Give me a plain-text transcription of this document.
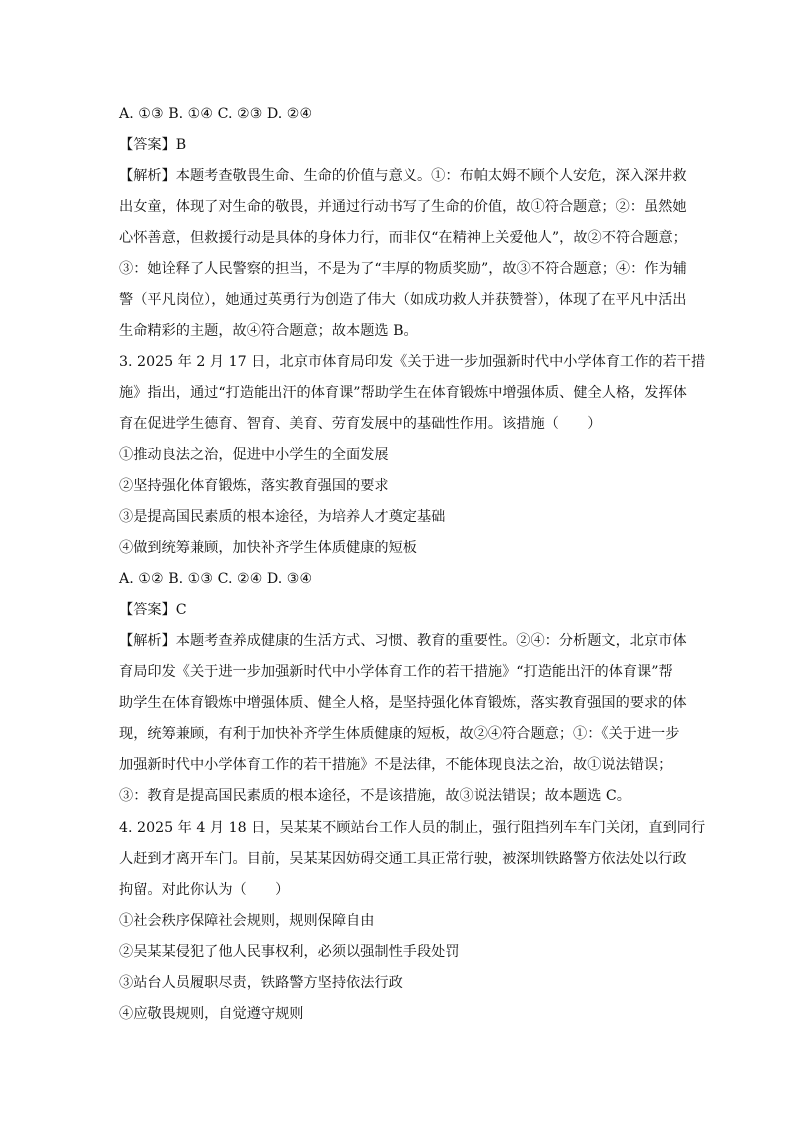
A. ①③ B. ①④ C. ②③ D. ②④
【答案】B
【解析】本题考查敬畏生命、生命的价值与意义。①：布帕太姆不顾个人安危，深入深井救
出女童，体现了对生命的敬畏，并通过行动书写了生命的价值，故①符合题意；②：虽然她
心怀善意，但救援行动是具体的身体力行，而非仅“在精神上关爱他人”，故②不符合题意；
③：她诠释了人民警察的担当，不是为了“丰厚的物质奖励”，故③不符合题意；④：作为辅
警（平凡岗位），她通过英勇行为创造了伟大（如成功救人并获赞誉），体现了在平凡中活出
生命精彩的主题，故④符合题意；故本题选 B。
3. 2025 年 2 月 17 日，北京市体育局印发《关于进一步加强新时代中小学体育工作的若干措
施》指出，通过“打造能出汗的体育课”帮助学生在体育锻炼中增强体质、健全人格，发挥体
育在促进学生德育、智育、美育、劳育发展中的基础性作用。该措施（　　）
①推动良法之治，促进中小学生的全面发展
②坚持强化体育锻炼，落实教育强国的要求
③是提高国民素质的根本途径，为培养人才奠定基础
④做到统筹兼顾，加快补齐学生体质健康的短板
A. ①② B. ①③ C. ②④ D. ③④
【答案】C
【解析】本题考查养成健康的生活方式、习惯、教育的重要性。②④：分析题文，北京市体
育局印发《关于进一步加强新时代中小学体育工作的若干措施》“打造能出汗的体育课”帮
助学生在体育锻炼中增强体质、健全人格，是坚持强化体育锻炼，落实教育强国的要求的体
现，统筹兼顾，有利于加快补齐学生体质健康的短板，故②④符合题意；①：《关于进一步
加强新时代中小学体育工作的若干措施》不是法律，不能体现良法之治，故①说法错误；
③：教育是提高国民素质的根本途径，不是该措施，故③说法错误；故本题选 C。
4. 2025 年 4 月 18 日，吴某某不顾站台工作人员的制止，强行阻挡列车车门关闭，直到同行
人赶到才离开车门。目前，吴某某因妨碍交通工具正常行驶，被深圳铁路警方依法处以行政
拘留。对此你认为（　　）
①社会秩序保障社会规则，规则保障自由
②吴某某侵犯了他人民事权利，必须以强制性手段处罚
③站台人员履职尽责，铁路警方坚持依法行政
④应敬畏规则，自觉遵守规则
